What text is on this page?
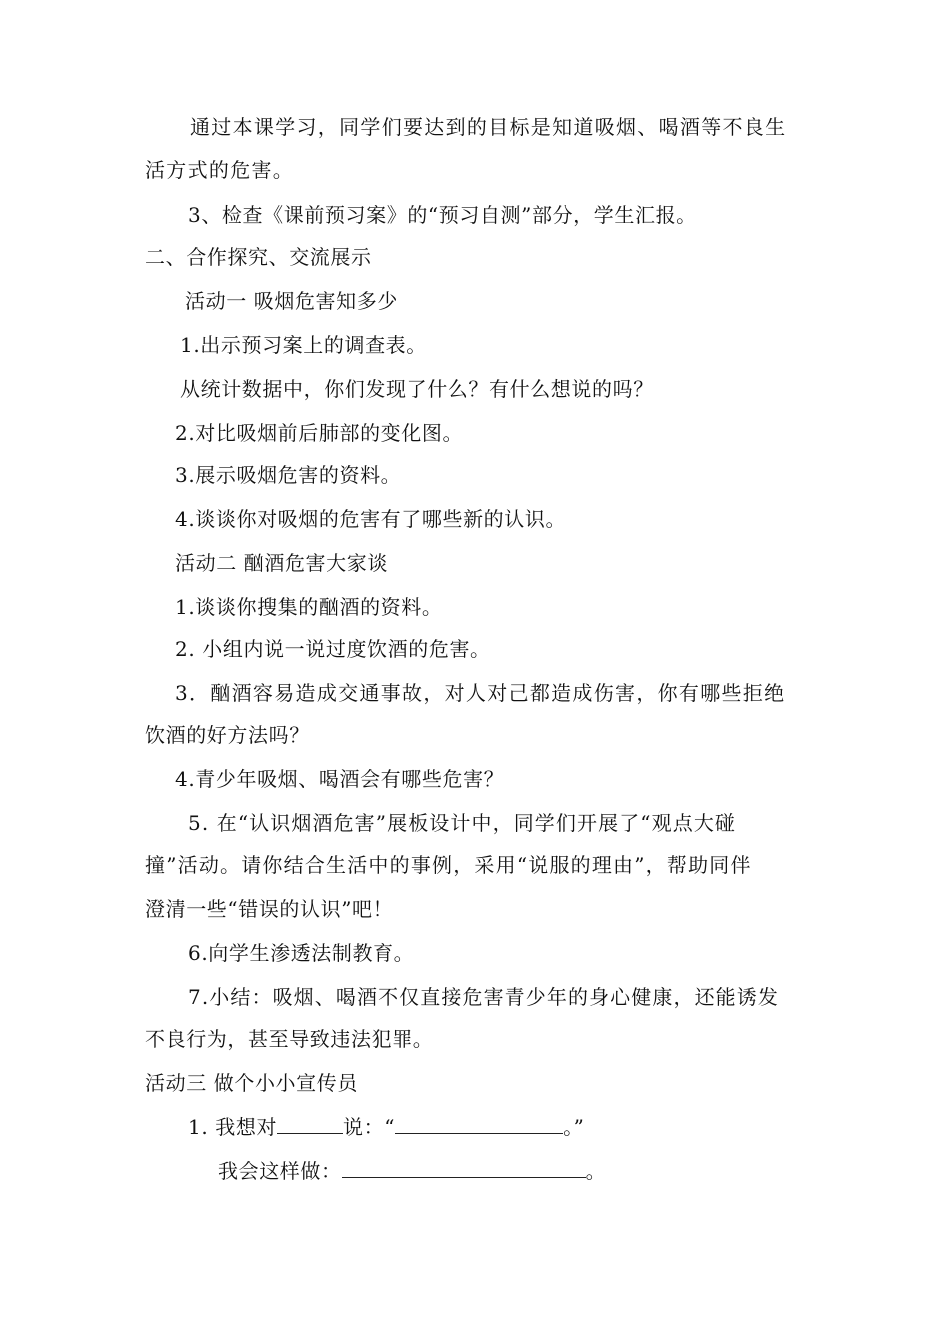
通过本课学习，同学们要达到的目标是知道吸烟、喝酒等不良生
活方式的危害。
3、检查《课前预习案》的“预习自测”部分，学生汇报。
二、合作探究、交流展示
活动一 吸烟危害知多少
1.出示预习案上的调查表。
从统计数据中，你们发现了什么？有什么想说的吗？
2.对比吸烟前后肺部的变化图。
3.展示吸烟危害的资料。
4.谈谈你对吸烟的危害有了哪些新的认识。
活动二 酗酒危害大家谈
1.谈谈你搜集的酗酒的资料。
2. 小组内说一说过度饮酒的危害。
3．酗酒容易造成交通事故，对人对己都造成伤害，你有哪些拒绝
饮酒的好方法吗？
4.青少年吸烟、喝酒会有哪些危害？
5. 在“认识烟酒危害”展板设计中，同学们开展了“观点大碰
撞”活动。请你结合生活中的事例，采用“说服的理由”，帮助同伴
澄清一些“错误的认识”吧！
6.向学生渗透法制教育。
7.小结：吸烟、喝酒不仅直接危害青少年的身心健康，还能诱发
不良行为，甚至导致违法犯罪。
活动三 做个小小宣传员
1. 我想对	说：“	。”
我会这样做：	。
